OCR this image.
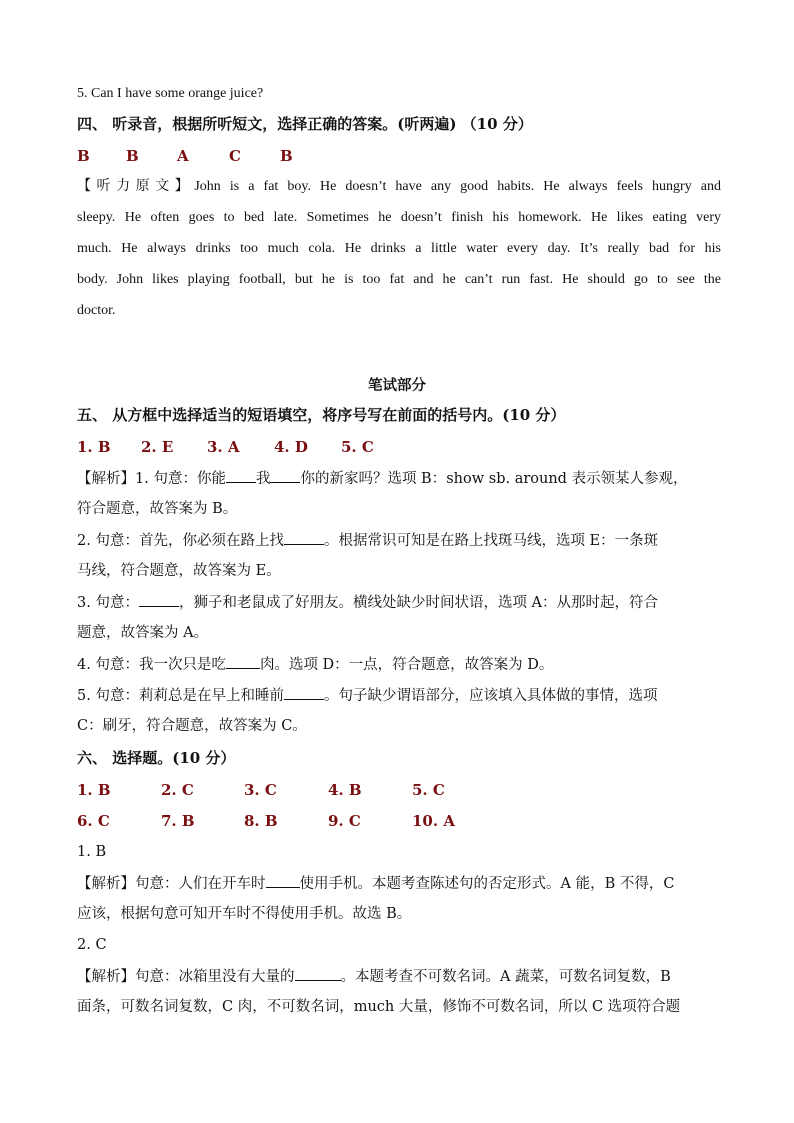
5. Can I have some orange juice?
四、 听录音，根据所听短文，选择正确的答案。(听两遍) （10 分）
B B	A	C	B
【听力原文】John is a fat boy. He doesn’t have any good habits. He always feels hungry and
sleepy. He often goes to bed late. Sometimes he doesn’t finish his homework. He likes eating very
much. He always drinks too much cola. He drinks a little water every day. It’s really bad for his
body. John likes playing football, but he is too fat and he can’t run fast. He should go to see the
doctor.
笔试部分
五、 从方框中选择适当的短语填空，将序号写在前面的括号内。(10 分）
1. B 2. E 3. A 4. D 5. C
【解析】1. 句意：你能 我 你的新家吗？选项 B：show sb. around 表示领某人参观，
符合题意，故答案为 B。
2. 句意：首先，你必须在路上找	。根据常识可知是在路上找斑马线，选项 E：一条斑
马线，符合题意，故答案为 E。
3. 句意：	，狮子和老鼠成了好朋友。横线处缺少时间状语，选项 A：从那时起，符合
题意，故答案为 A。
4. 句意：我一次只是吃 肉。选项 D：一点，符合题意，故答案为 D。
5. 句意：莉莉总是在早上和睡前	。句子缺少谓语部分，应该填入具体做的事情，选项
C：刷牙，符合题意，故答案为 C。
六、 选择题。(10 分）
1. B	2. C	3. C	4. B	5. C
6. C	7. B	8. B	9. C	10. A
1. B
【解析】句意：人们在开车时 使用手机。本题考查陈述句的否定形式。A 能，B 不得，C
应该，根据句意可知开车时不得使用手机。故选 B。
2. C
【解析】句意：冰箱里没有大量的	。本题考查不可数名词。A 蔬菜，可数名词复数，B
面条，可数名词复数，C 肉，不可数名词，much 大量，修饰不可数名词，所以 C 选项符合题
